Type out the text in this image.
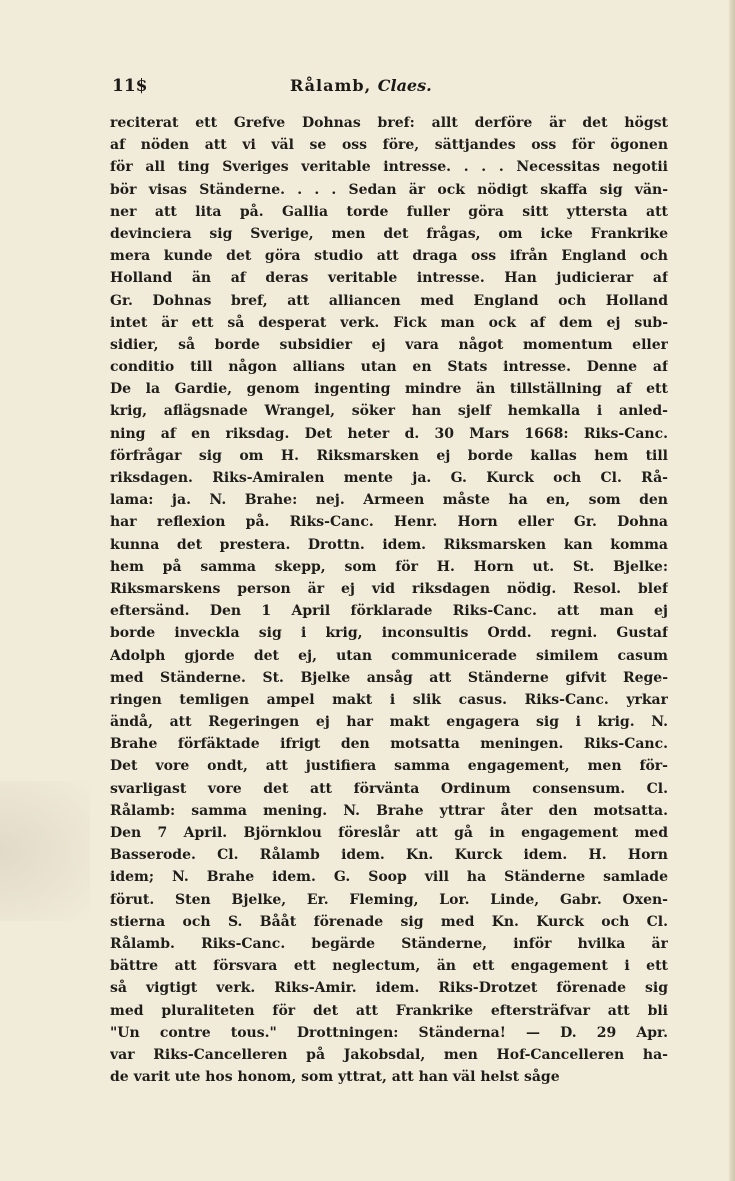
11$	Rålamb, Claes.
reciterat ett Grefve Dohnas bref: allt derföre är det högst
af nöden att vi väl se oss före, sättjandes oss för ögonen
för all ting Sveriges veritable intresse. . . . Necessitas negotii
bör visas Ständerne. . . . Sedan är ock nödigt skaffa sig vän-
ner att lita på. Gallia torde fuller göra sitt yttersta att
devinciera sig Sverige, men det frågas, om icke Frankrike
mera kunde det göra studio att draga oss ifrån England och
Holland än af deras veritable intresse. Han judicierar af
Gr. Dohnas bref, att alliancen med England och Holland
intet är ett så desperat verk. Fick man ock af dem ej sub-
sidier, så borde subsidier ej vara något momentum eller
conditio till någon allians utan en Stats intresse. Denne af
De la Gardie, genom ingenting mindre än tillställning af ett
krig, aflägsnade Wrangel, söker han sjelf hemkalla i anled-
ning af en riksdag. Det heter d. 30 Mars 1668: Riks-Canc.
förfrågar sig om H. Riksmarsken ej borde kallas hem till
riksdagen. Riks-Amiralen mente ja. G. Kurck och Cl. Rå-
lama: ja. N. Brahe: nej. Armeen måste ha en, som den
har reflexion på. Riks-Canc. Henr. Horn eller Gr. Dohna
kunna det prestera. Drottn. idem. Riksmarsken kan komma
hem på samma skepp, som för H. Horn ut. St. Bjelke:
Riksmarskens person är ej vid riksdagen nödig. Resol. blef
eftersänd. Den 1 April förklarade Riks-Canc. att man ej
borde inveckla sig i krig, inconsultis Ordd. regni. Gustaf
Adolph gjorde det ej, utan communicerade similem casum
med Ständerne. St. Bjelke ansåg att Ständerne gifvit Rege-
ringen temligen ampel makt i slik casus. Riks-Canc. yrkar
ändå, att Regeringen ej har makt engagera sig i krig. N.
Brahe förfäktade ifrigt den motsatta meningen. Riks-Canc.
Det vore ondt, att justifiera samma engagement, men för-
svarligast vore det att förvänta Ordinum consensum. Cl.
Rålamb: samma mening. N. Brahe yttrar åter den motsatta.
Den 7 April. Björnklou föreslår att gå in engagement med
Basserode. Cl. Rålamb idem. Kn. Kurck idem. H. Horn
idem; N. Brahe idem. G. Soop vill ha Ständerne samlade
förut. Sten Bjelke, Er. Fleming, Lor. Linde, Gabr. Oxen-
stierna och S. Bååt förenade sig med Kn. Kurck och Cl.
Rålamb. Riks-Canc. begärde Ständerne, inför hvilka är
bättre att försvara ett neglectum, än ett engagement i ett
så vigtigt verk. Riks-Amir. idem. Riks-Drotzet förenade sig
med pluraliteten för det att Frankrike eftersträfvar att bli
"Un contre tous." Drottningen: Ständerna! — D. 29 Apr.
var Riks-Cancelleren på Jakobsdal, men Hof-Cancelleren ha-
de varit ute hos honom, som yttrat, att han väl helst såge
